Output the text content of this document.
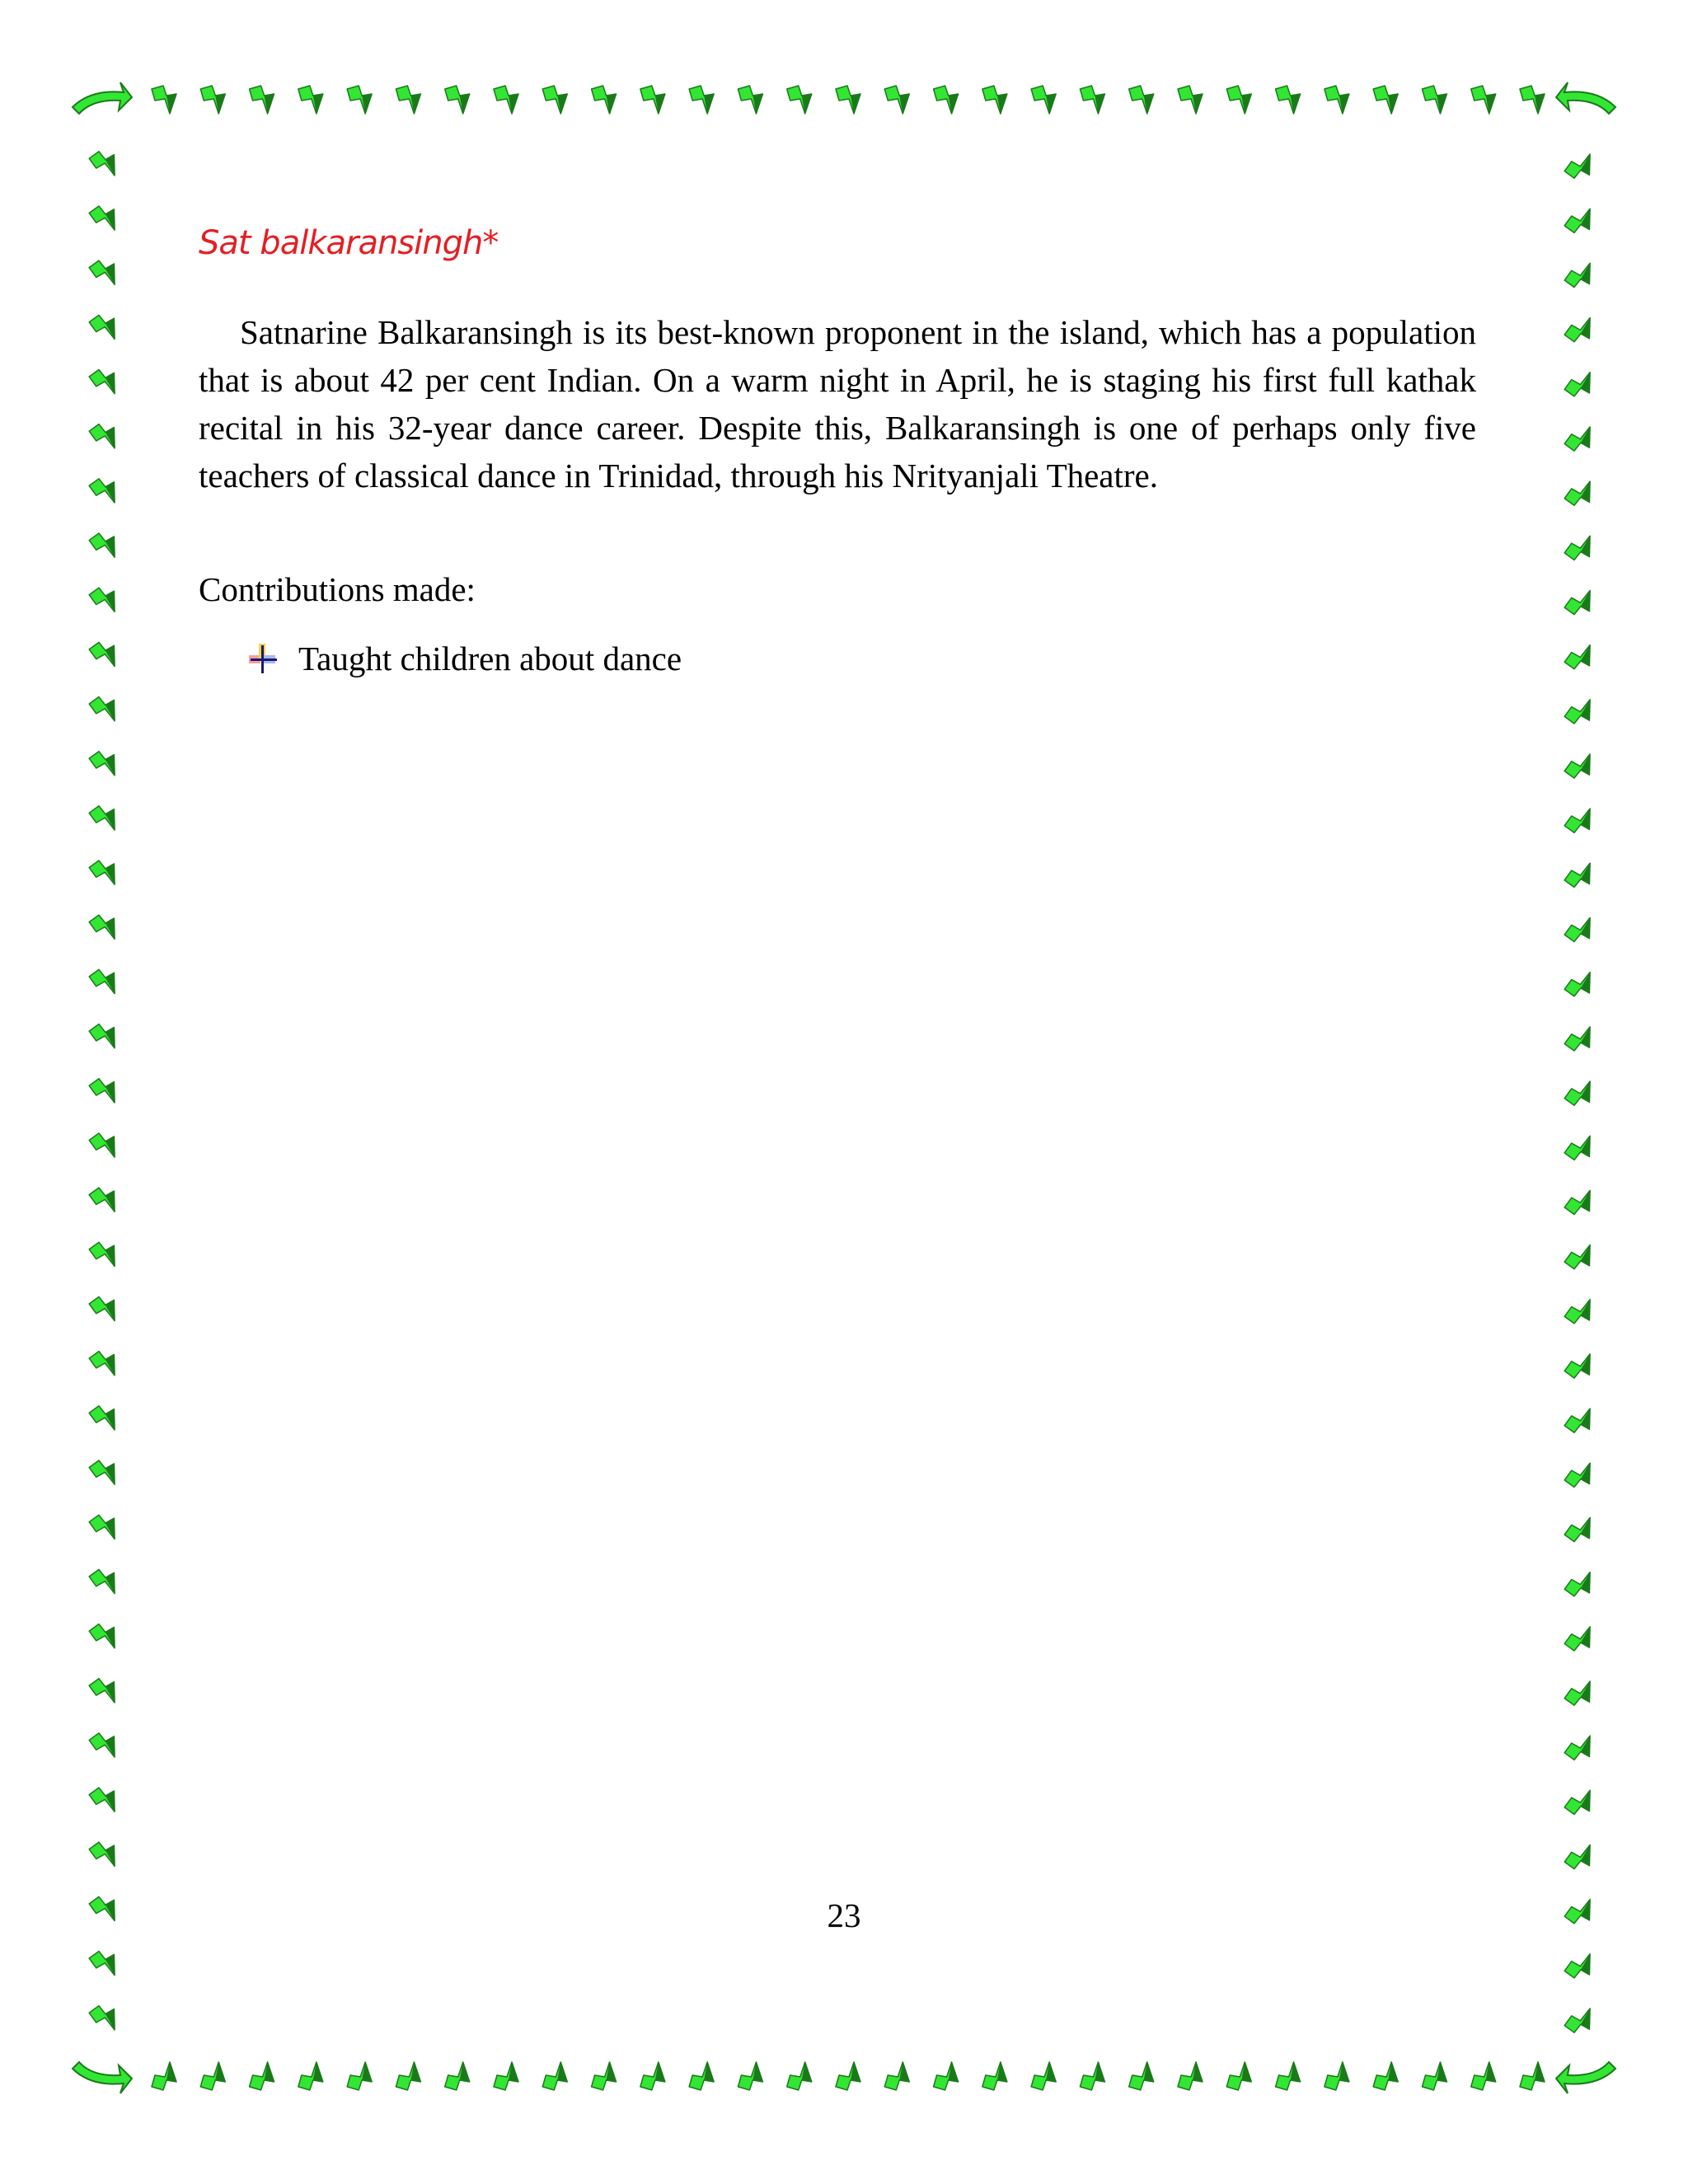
Sat balkaransingh*

Satnarine Balkaransingh is its best-known proponent in the island, which has a population that is about 42 per cent Indian. On a warm night in April, he is staging his first full kathak recital in his 32-year dance career. Despite this, Balkaransingh is one of perhaps only five teachers of classical dance in Trinidad, through his Nrityanjali Theatre.

Contributions made:

Taught children about dance

23
